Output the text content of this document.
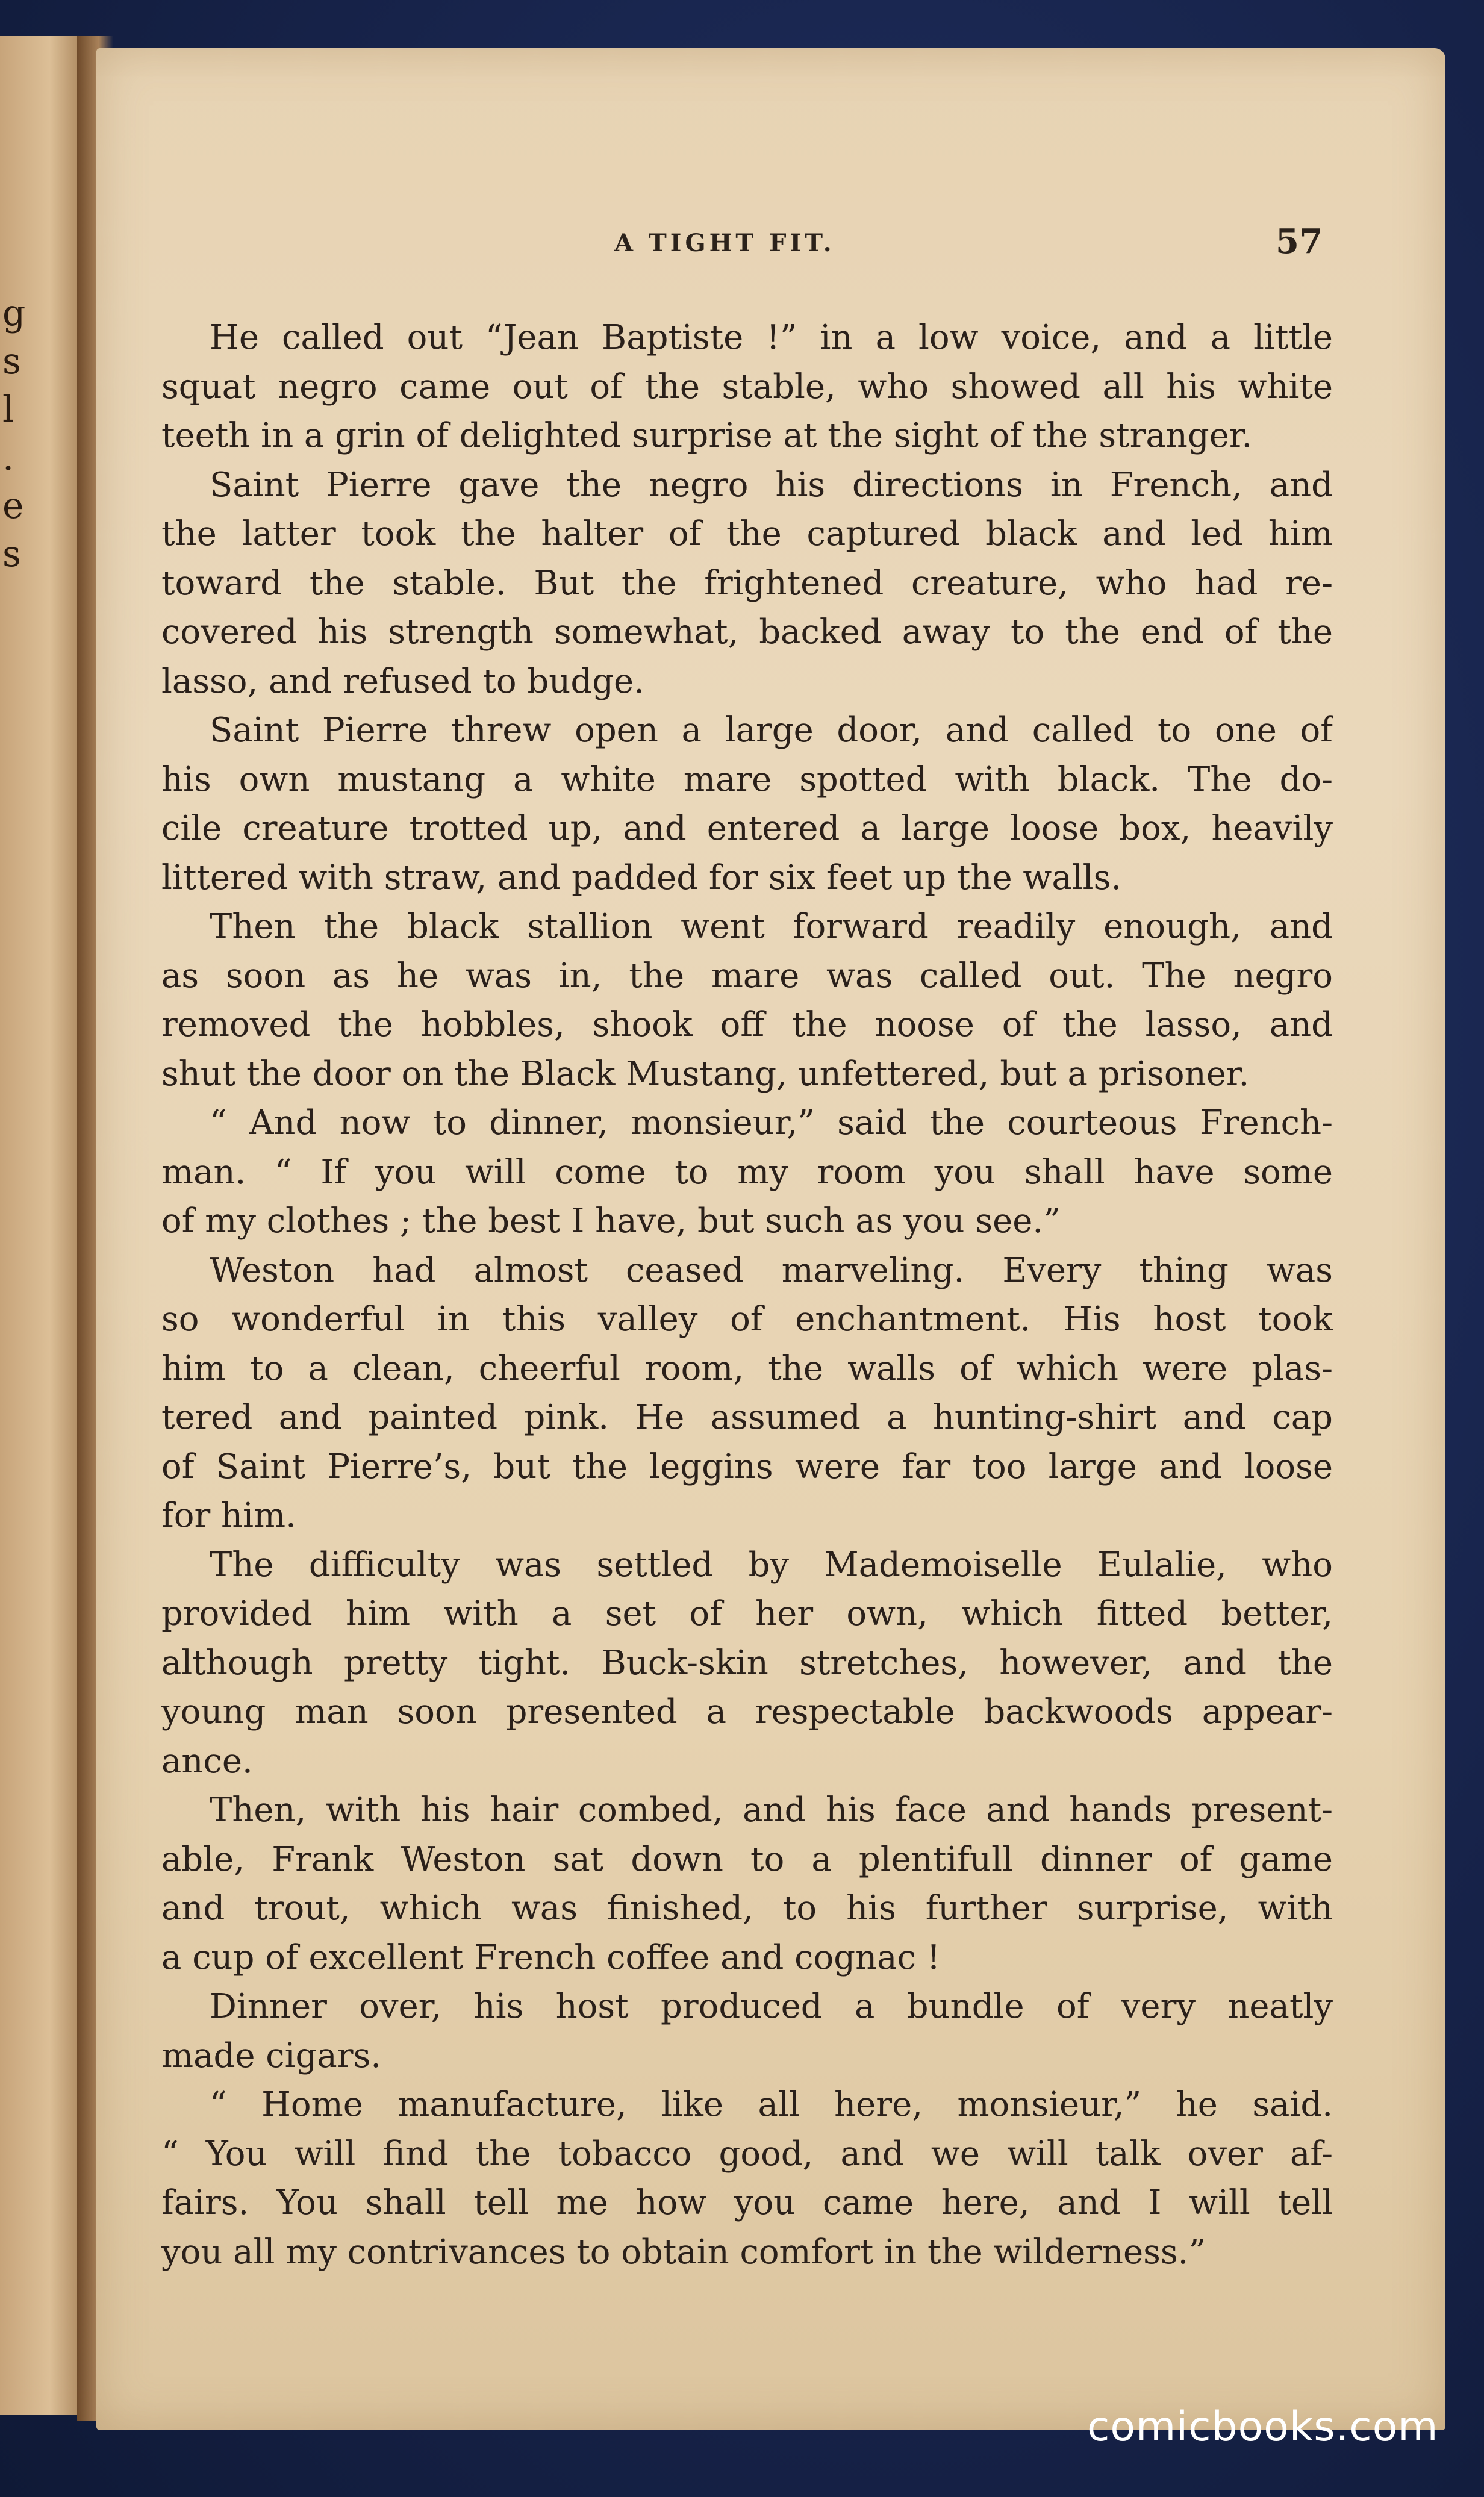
g
s
l
.
e
s
A TIGHT FIT.	57
He called out “Jean Baptiste !” in a low voice, and a little
squat negro came out of the stable, who showed all his white
teeth in a grin of delighted surprise at the sight of the stranger.
Saint Pierre gave the negro his directions in French, and
the latter took the halter of the captured black and led him
toward the stable. But the frightened creature, who had re-
covered his strength somewhat, backed away to the end of the
lasso, and refused to budge.
Saint Pierre threw open a large door, and called to one of
his own mustang a white mare spotted with black. The do-
cile creature trotted up, and entered a large loose box, heavily
littered with straw, and padded for six feet up the walls.
Then the black stallion went forward readily enough, and
as soon as he was in, the mare was called out. The negro
removed the hobbles, shook off the noose of the lasso, and
shut the door on the Black Mustang, unfettered, but a prisoner.
“ And now to dinner, monsieur,” said the courteous French-
man. “ If you will come to my room you shall have some
of my clothes ; the best I have, but such as you see.”
Weston had almost ceased marveling. Every thing was
so wonderful in this valley of enchantment. His host took
him to a clean, cheerful room, the walls of which were plas-
tered and painted pink. He assumed a hunting-shirt and cap
of Saint Pierre’s, but the leggins were far too large and loose
for him.
The difficulty was settled by Mademoiselle Eulalie, who
provided him with a set of her own, which fitted better,
although pretty tight. Buck-skin stretches, however, and the
young man soon presented a respectable backwoods appear-
ance.
Then, with his hair combed, and his face and hands present-
able, Frank Weston sat down to a plentifull dinner of game
and trout, which was finished, to his further surprise, with
a cup of excellent French coffee and cognac !
Dinner over, his host produced a bundle of very neatly
made cigars.
“ Home manufacture, like all here, monsieur,” he said.
“ You will find the tobacco good, and we will talk over af-
fairs. You shall tell me how you came here, and I will tell
you all my contrivances to obtain comfort in the wilderness.”
comicbooks.com
